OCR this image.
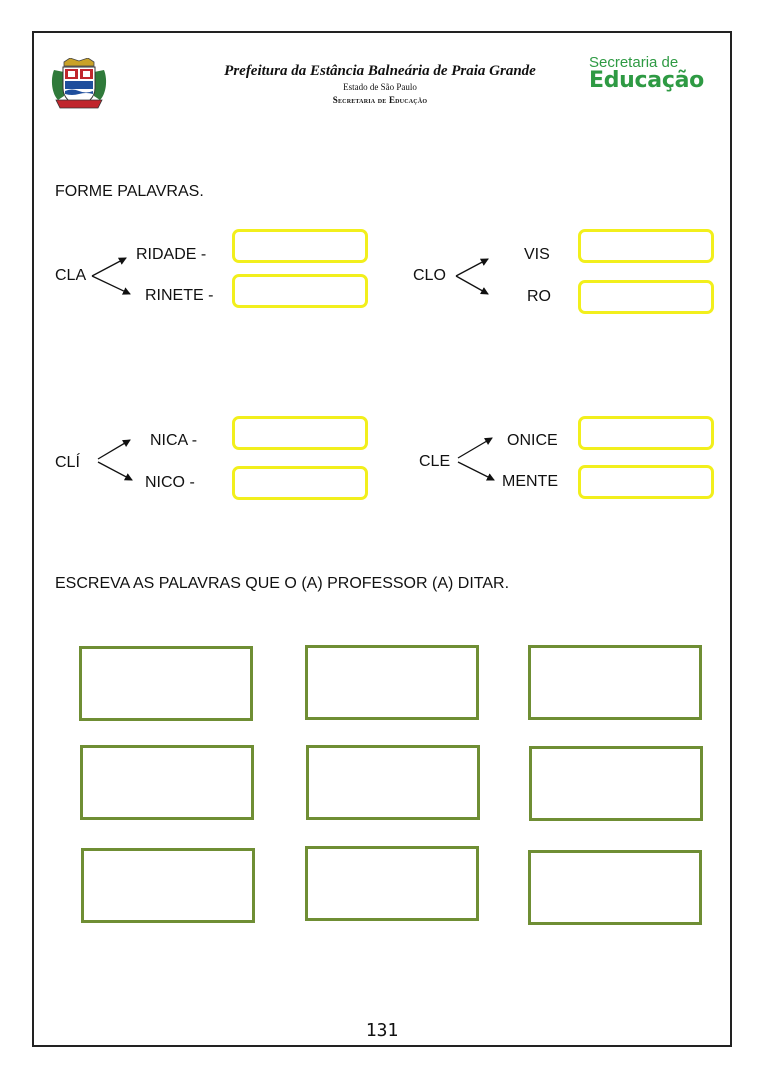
Prefeitura da Estância Balneária de Praia Grande
Estado de São Paulo
Secretaria de Educação
Secretaria de
Educação
FORME PALAVRAS.
CLA
RIDADE -
RINETE -
CLO
VIS
RO
CLÍ
NICA -
NICO -
CLE
ONICE
MENTE
ESCREVA AS PALAVRAS QUE O (A) PROFESSOR (A) DITAR.
131
